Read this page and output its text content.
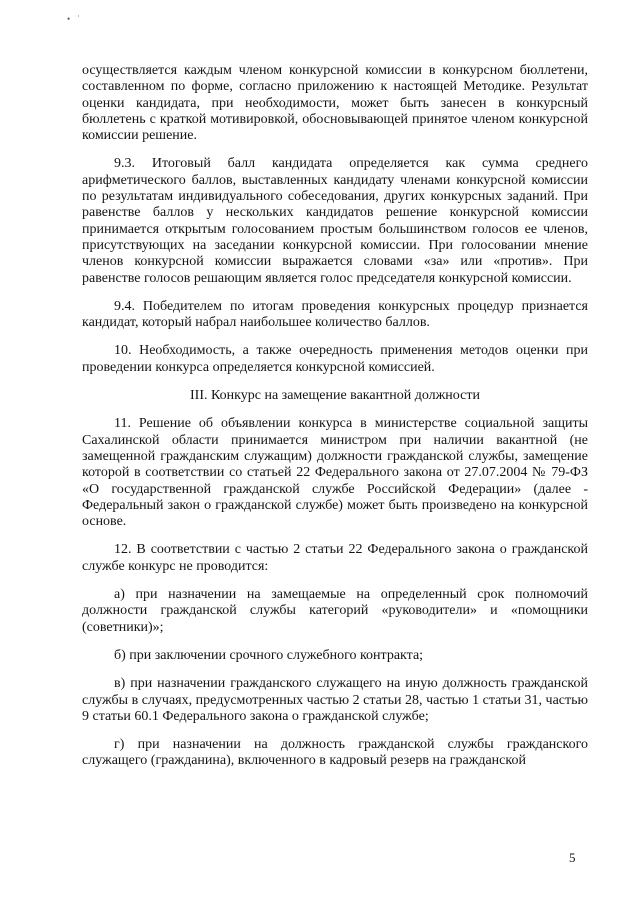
• ˙

осуществляется каждым членом конкурсной комиссии в конкурсном бюллетени, составленном по форме, согласно приложению к настоящей Методике. Результат оценки кандидата, при необходимости, может быть занесен в конкурсный бюллетень с краткой мотивировкой, обосновывающей принятое членом конкурсной комиссии решение.

9.3. Итоговый балл кандидата определяется как сумма среднего арифметического баллов, выставленных кандидату членами конкурсной комиссии по результатам индивидуального собеседования, других конкурсных заданий. При равенстве баллов у нескольких кандидатов решение конкурсной комиссии принимается открытым голосованием простым большинством голосов ее членов, присутствующих на заседании конкурсной комиссии. При голосовании мнение членов конкурсной комиссии выражается словами «за» или «против». При равенстве голосов решающим является голос председателя конкурсной комиссии.

9.4. Победителем по итогам проведения конкурсных процедур признается кандидат, который набрал наибольшее количество баллов.

10. Необходимость, а также очередность применения методов оценки при проведении конкурса определяется конкурсной комиссией.

III. Конкурс на замещение вакантной должности

11. Решение об объявлении конкурса в министерстве социальной защиты Сахалинской области принимается министром при наличии вакантной (не замещенной гражданским служащим) должности гражданской службы, замещение которой в соответствии со статьей 22 Федерального закона от 27.07.2004 № 79-ФЗ «О государственной гражданской службе Российской Федерации» (далее - Федеральный закон о гражданской службе) может быть произведено на конкурсной основе.

12. В соответствии с частью 2 статьи 22 Федерального закона о гражданской службе конкурс не проводится:

а) при назначении на замещаемые на определенный срок полномочий должности гражданской службы категорий «руководители» и «помощники (советники)»;

б) при заключении срочного служебного контракта;

в) при назначении гражданского служащего на иную должность гражданской службы в случаях, предусмотренных частью 2 статьи 28, частью 1 статьи 31, частью 9 статьи 60.1 Федерального закона о гражданской службе;

г) при назначении на должность гражданской службы гражданского служащего (гражданина), включенного в кадровый резерв на гражданской

5
